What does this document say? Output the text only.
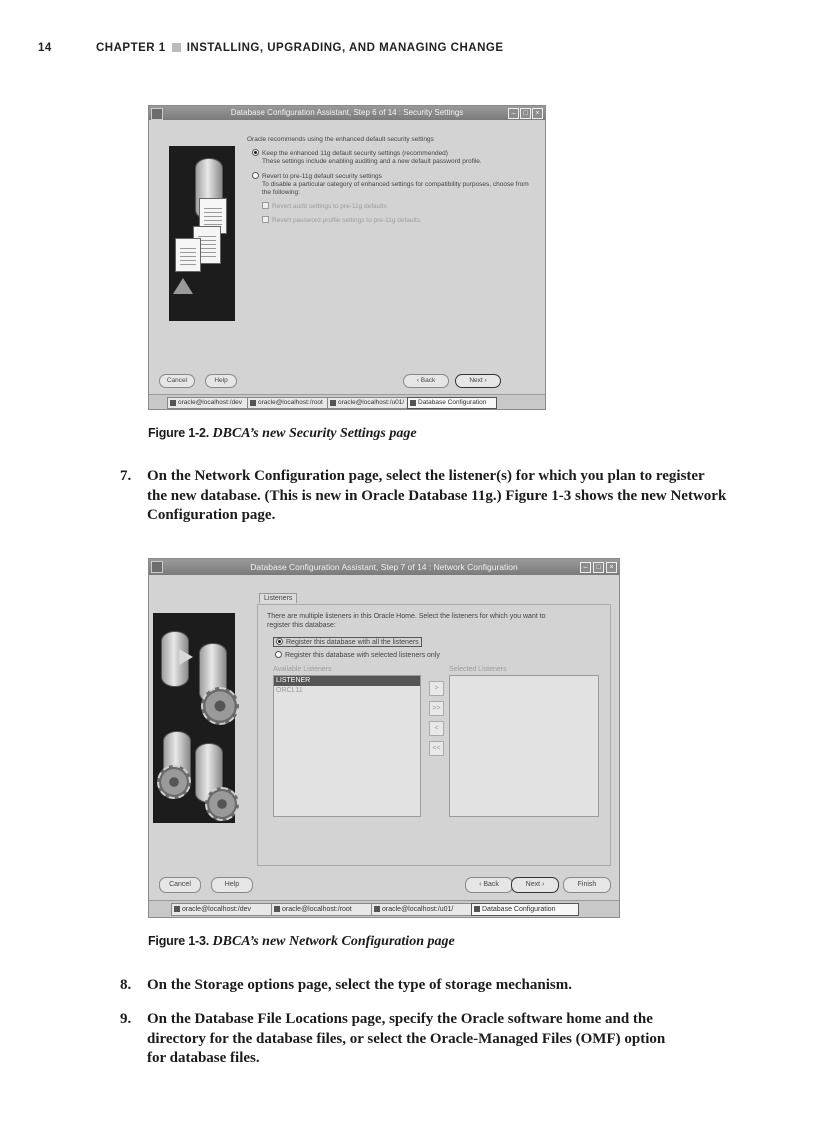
14	CHAPTER 1 INSTALLING, UPGRADING, AND MANAGING CHANGE
Database Configuration Assistant, Step 6 of 14 : Security Settings	–	□	×
Oracle recommends using the enhanced default security settings
Keep the enhanced 11g default security settings (recommended)
These settings include enabling auditing and a new default password profile.
Revert to pre-11g default security settings
To disable a particular category of enhanced settings for compatibility purposes, choose from
the following:
Revert audit settings to pre-11g defaults
Revert password profile settings to pre-11g defaults
Cancel	Help	‹ Back	Next ›
oracle@localhost:/dev	oracle@localhost:/root	oracle@localhost:/u01/	Database Configuration
Figure 1-2. DBCA’s new Security Settings page
7. On the Network Configuration page, select the listener(s) for which you plan to register
the new database. (This is new in Oracle Database 11g.) Figure 1-3 shows the new Network
Configuration page.
Database Configuration Assistant, Step 7 of 14 : Network Configuration	–	□	×
Listeners
There are multiple listeners in this Oracle Home. Select the listeners for which you want to
register this database:
Register this database with all the listeners
Register this database with selected listeners only
Available Listeners	Selected Listeners
LISTENER
ORCL11	>
>>
<
<<
Cancel	Help	‹ Back	Next ›	Finish
oracle@localhost:/dev	oracle@localhost:/root	oracle@localhost:/u01/	Database Configuration
Figure 1-3. DBCA’s new Network Configuration page
8. On the Storage options page, select the type of storage mechanism.
9. On the Database File Locations page, specify the Oracle software home and the
directory for the database files, or select the Oracle-Managed Files (OMF) option
for database files.
